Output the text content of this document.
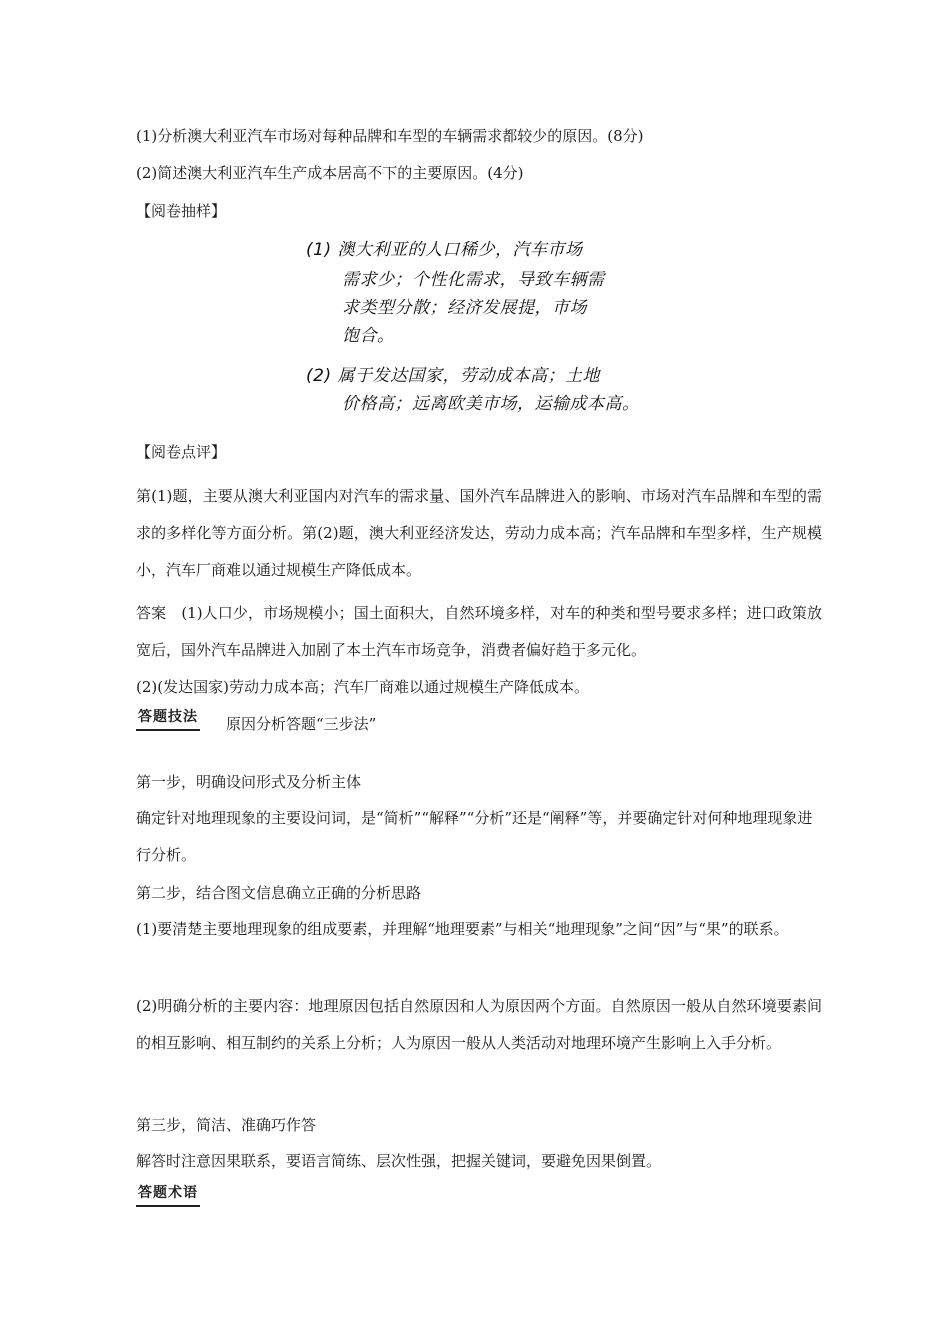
(1)分析澳大利亚汽车市场对每种品牌和车型的车辆需求都较少的原因。(8分)
(2)简述澳大利亚汽车生产成本居高不下的主要原因。(4分)
【阅卷抽样】
(1) 澳大利亚的人口稀少，汽车市场
需求少；个性化需求，导致车辆需
求类型分散；经济发展提，市场
饱合。
(2) 属于发达国家，劳动成本高；土地
价格高；远离欧美市场，运输成本高。
【阅卷点评】
第(1)题，主要从澳大利亚国内对汽车的需求量、国外汽车品牌进入的影响、市场对汽车品牌和车型的需求的多样化等方面分析。第(2)题，澳大利亚经济发达，劳动力成本高；汽车品牌和车型多样，生产规模小，汽车厂商难以通过规模生产降低成本。
答案　(1)人口少，市场规模小；国土面积大，自然环境多样，对车的种类和型号要求多样；进口政策放宽后，国外汽车品牌进入加剧了本土汽车市场竞争，消费者偏好趋于多元化。
(2)(发达国家)劳动力成本高；汽车厂商难以通过规模生产降低成本。
答题技法 原因分析答题“三步法”
第一步，明确设问形式及分析主体
确定针对地理现象的主要设问词，是“简析”“解释”“分析”还是“阐释”等，并要确定针对何种地理现象进行分析。
第二步，结合图文信息确立正确的分析思路
(1)要清楚主要地理现象的组成要素，并理解“地理要素”与相关“地理现象”之间“因”与“果”的联系。
(2)明确分析的主要内容：地理原因包括自然原因和人为原因两个方面。自然原因一般从自然环境要素间的相互影响、相互制约的关系上分析；人为原因一般从人类活动对地理环境产生影响上入手分析。
第三步，简洁、准确巧作答
解答时注意因果联系，要语言简练、层次性强，把握关键词，要避免因果倒置。
答题术语
